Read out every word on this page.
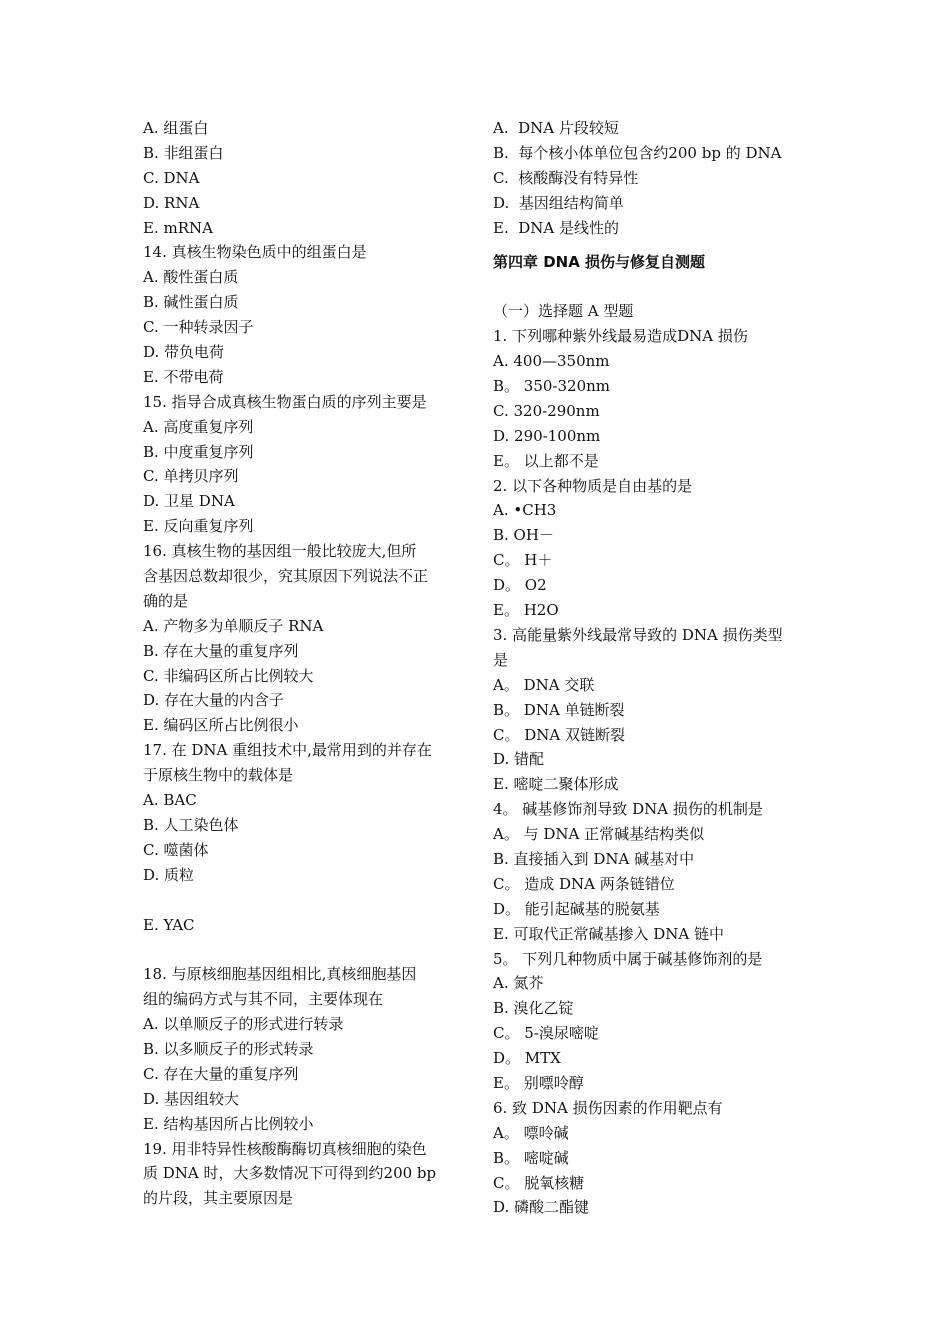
A. 组蛋白
B. 非组蛋白
C. DNA
D. RNA
E. mRNA
14. 真核生物染色质中的组蛋白是
A. 酸性蛋白质
B. 碱性蛋白质
C. 一种转录因子
D. 带负电荷
E. 不带电荷
15. 指导合成真核生物蛋白质的序列主要是
A. 高度重复序列
B. 中度重复序列
C. 单拷贝序列
D. 卫星 DNA
E. 反向重复序列
16. 真核生物的基因组一般比较庞大,但所
含基因总数却很少，究其原因下列说法不正
确的是
A. 产物多为单顺反子 RNA
B. 存在大量的重复序列
C. 非编码区所占比例较大
D. 存在大量的内含子
E. 编码区所占比例很小
17. 在 DNA 重组技术中,最常用到的并存在
于原核生物中的载体是
A. BAC
B. 人工染色体
C. 噬菌体
D. 质粒
E. YAC
18. 与原核细胞基因组相比,真核细胞基因
组的编码方式与其不同，主要体现在
A. 以单顺反子的形式进行转录
B. 以多顺反子的形式转录
C. 存在大量的重复序列
D. 基因组较大
E. 结构基因所占比例较小
19. 用非特异性核酸酶酶切真核细胞的染色
质 DNA 时，大多数情况下可得到约200 bp
的片段，其主要原因是
A.  DNA 片段较短
B.  每个核小体单位包含约200 bp 的 DNA
C.  核酸酶没有特异性
D.  基因组结构简单
E.  DNA 是线性的
第四章 DNA 损伤与修复自测题
（一）选择题 A 型题
1. 下列哪种紫外线最易造成DNA 损伤
A. 400—350nm
B。 350-320nm
C. 320-290nm
D. 290-100nm
E。 以上都不是
2. 以下各种物质是自由基的是
A. •CH3
B. OH－
C。 H＋
D。 O2
E。 H2O
3. 高能量紫外线最常导致的 DNA 损伤类型
是
A。 DNA 交联
B。 DNA 单链断裂
C。 DNA 双链断裂
D. 错配
E. 嘧啶二聚体形成
4。 碱基修饰剂导致 DNA 损伤的机制是
A。 与 DNA 正常碱基结构类似
B. 直接插入到 DNA 碱基对中
C。 造成 DNA 两条链错位
D。 能引起碱基的脱氨基
E. 可取代正常碱基掺入 DNA 链中
5。 下列几种物质中属于碱基修饰剂的是
A. 氮芥
B. 溴化乙锭
C。 5-溴尿嘧啶
D。 MTX
E。 别嘌呤醇
6. 致 DNA 损伤因素的作用靶点有
A。 嘌呤碱
B。 嘧啶碱
C。 脱氧核糖
D. 磷酸二酯键
